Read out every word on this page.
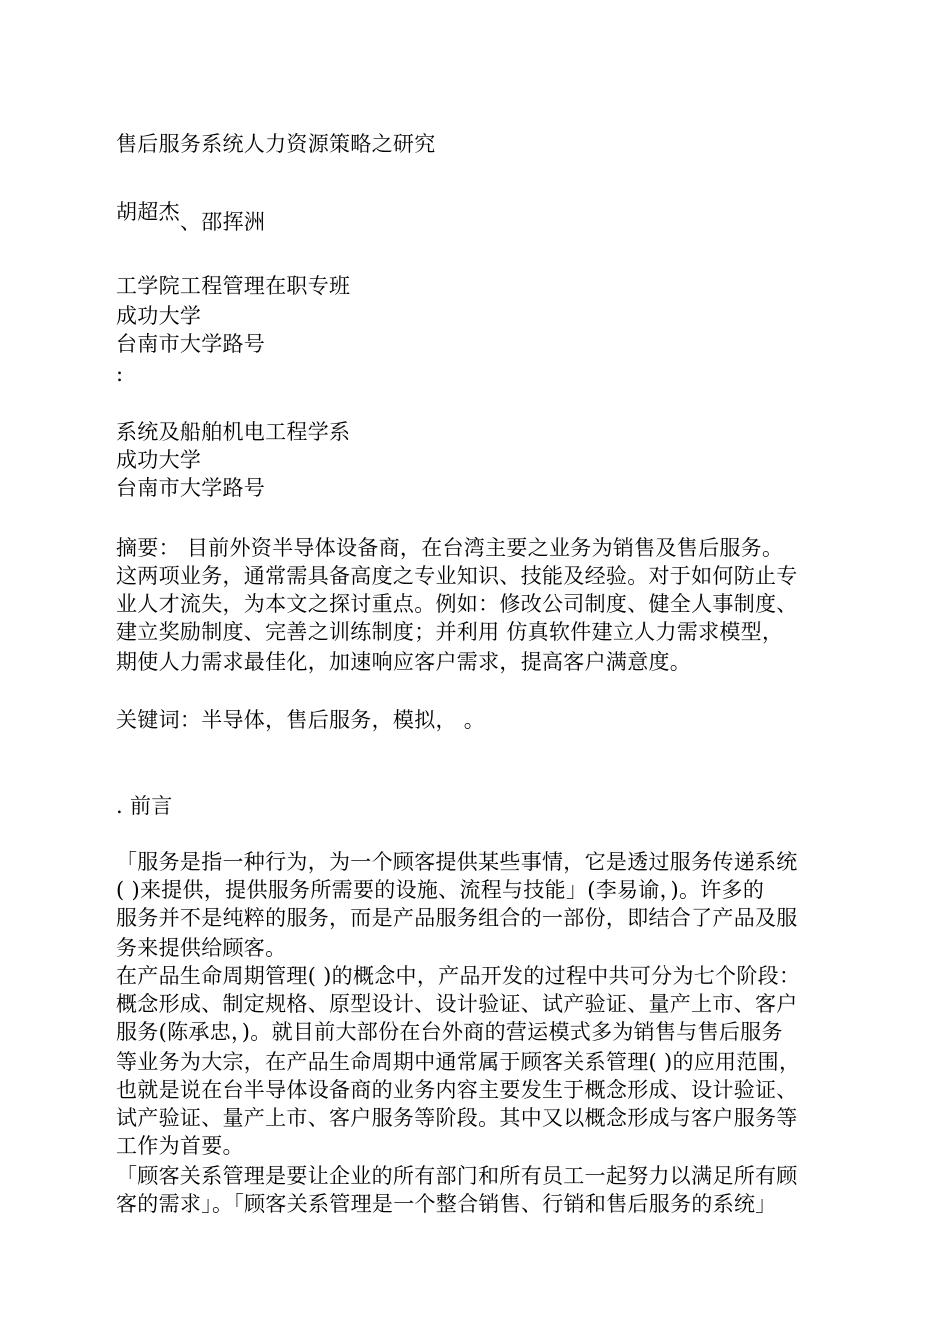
售后服务系统人力资源策略之研究
胡超杰 、邵挥洲
工学院工程管理在职专班
成功大学
台南市大学路号
:
系统及船舶机电工程学系
成功大学
台南市大学路号
摘要： 目前外资半导体设备商，在台湾主要之业务为销售及售后服务。
这两项业务，通常需具备高度之专业知识、技能及经验。对于如何防止专
业人才流失，为本文之探讨重点。例如：修改公司制度、健全人事制度、
建立奖励制度、完善之训练制度；并利用 仿真软件建立人力需求模型，
期使人力需求最佳化，加速响应客户需求，提高客户满意度。
关键词：半导体，售后服务，模拟， 。
. 前言
「服务是指一种行为，为一个顾客提供某些事情，它是透过服务传递系统
( )来提供，提供服务所需要的设施、流程与技能」(李易谕，)。许多的
服务并不是纯粹的服务，而是产品服务组合的一部份，即结合了产品及服
务来提供给顾客。
在产品生命周期管理( )的概念中，产品开发的过程中共可分为七个阶段：
概念形成、制定规格、原型设计、设计验证、试产验证、量产上市、客户
服务(陈承忠，)。就目前大部份在台外商的营运模式多为销售与售后服务
等业务为大宗，在产品生命周期中通常属于顾客关系管理( )的应用范围，
也就是说在台半导体设备商的业务内容主要发生于概念形成、设计验证、
试产验证、量产上市、客户服务等阶段。其中又以概念形成与客户服务等
工作为首要。
「顾客关系管理是要让企业的所有部门和所有员工一起努力以满足所有顾
客的需求」。「顾客关系管理是一个整合销售、行销和售后服务的系统」
